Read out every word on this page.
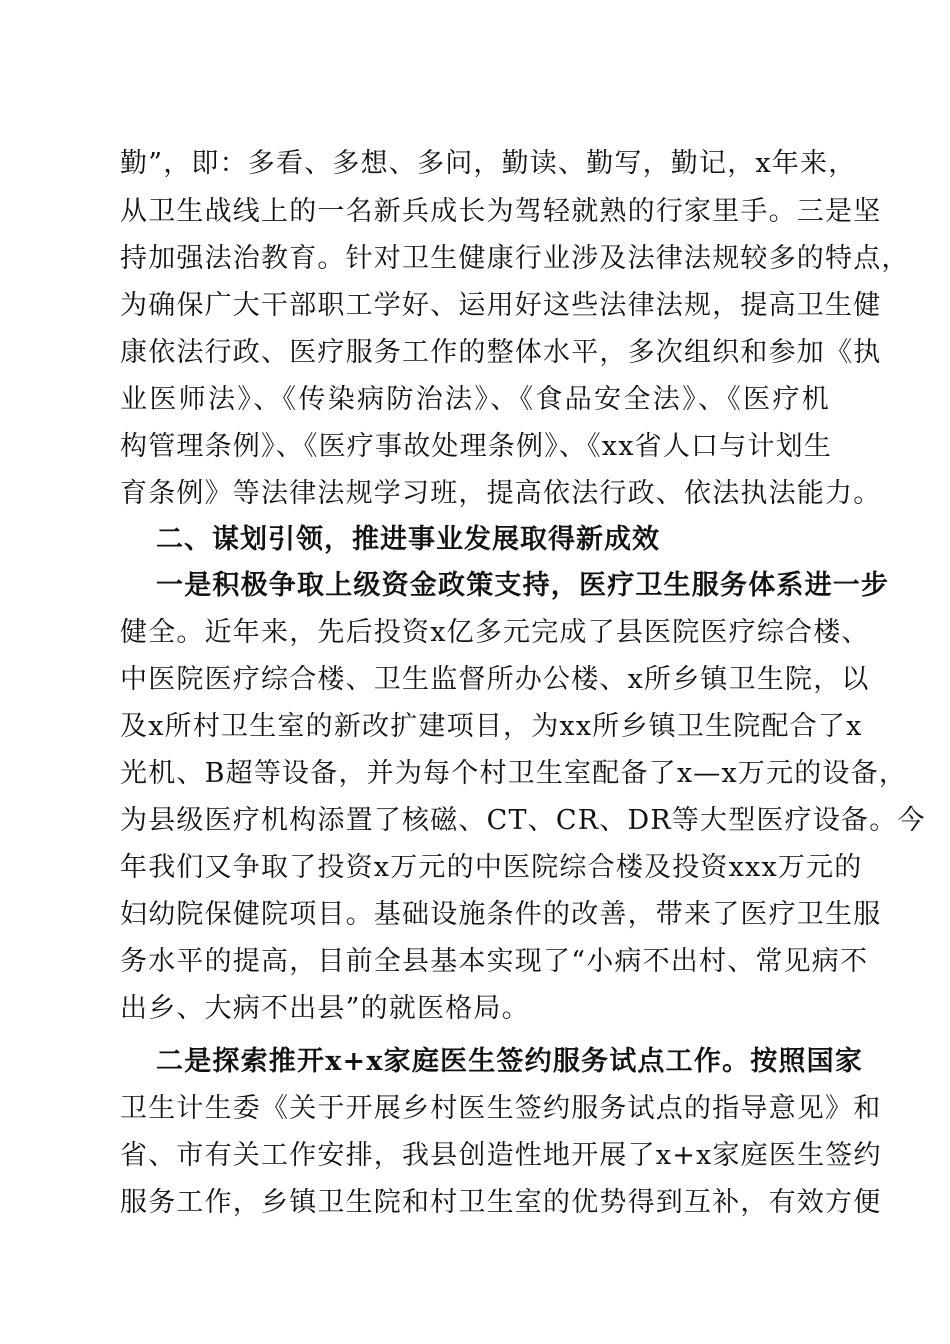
勤”，即：多看、多想、多问，勤读、勤写，勤记，x年来，
从卫生战线上的一名新兵成长为驾轻就熟的行家里手。三是坚
持加强法治教育。针对卫生健康行业涉及法律法规较多的特点，
为确保广大干部职工学好、运用好这些法律法规，提高卫生健
康依法行政、医疗服务工作的整体水平，多次组织和参加《执
业医师法》、《传染病防治法》、《食品安全法》、《医疗机
构管理条例》、《医疗事故处理条例》、《xx省人口与计划生
育条例》等法律法规学习班，提高依法行政、依法执法能力。
二、谋划引领，推进事业发展取得新成效
一是积极争取上级资金政策支持，医疗卫生服务体系进一步
健全。近年来，先后投资x亿多元完成了县医院医疗综合楼、
中医院医疗综合楼、卫生监督所办公楼、x所乡镇卫生院，以
及x所村卫生室的新改扩建项目，为xx所乡镇卫生院配合了x
光机、B超等设备，并为每个村卫生室配备了x—x万元的设备，
为县级医疗机构添置了核磁、CT、CR、DR等大型医疗设备。今
年我们又争取了投资x万元的中医院综合楼及投资xxx万元的
妇幼院保健院项目。基础设施条件的改善，带来了医疗卫生服
务水平的提高，目前全县基本实现了“小病不出村、常见病不
出乡、大病不出县”的就医格局。
二是探索推开x+x家庭医生签约服务试点工作。按照国家
卫生计生委《关于开展乡村医生签约服务试点的指导意见》和
省、市有关工作安排，我县创造性地开展了x+x家庭医生签约
服务工作，乡镇卫生院和村卫生室的优势得到互补，有效方便
